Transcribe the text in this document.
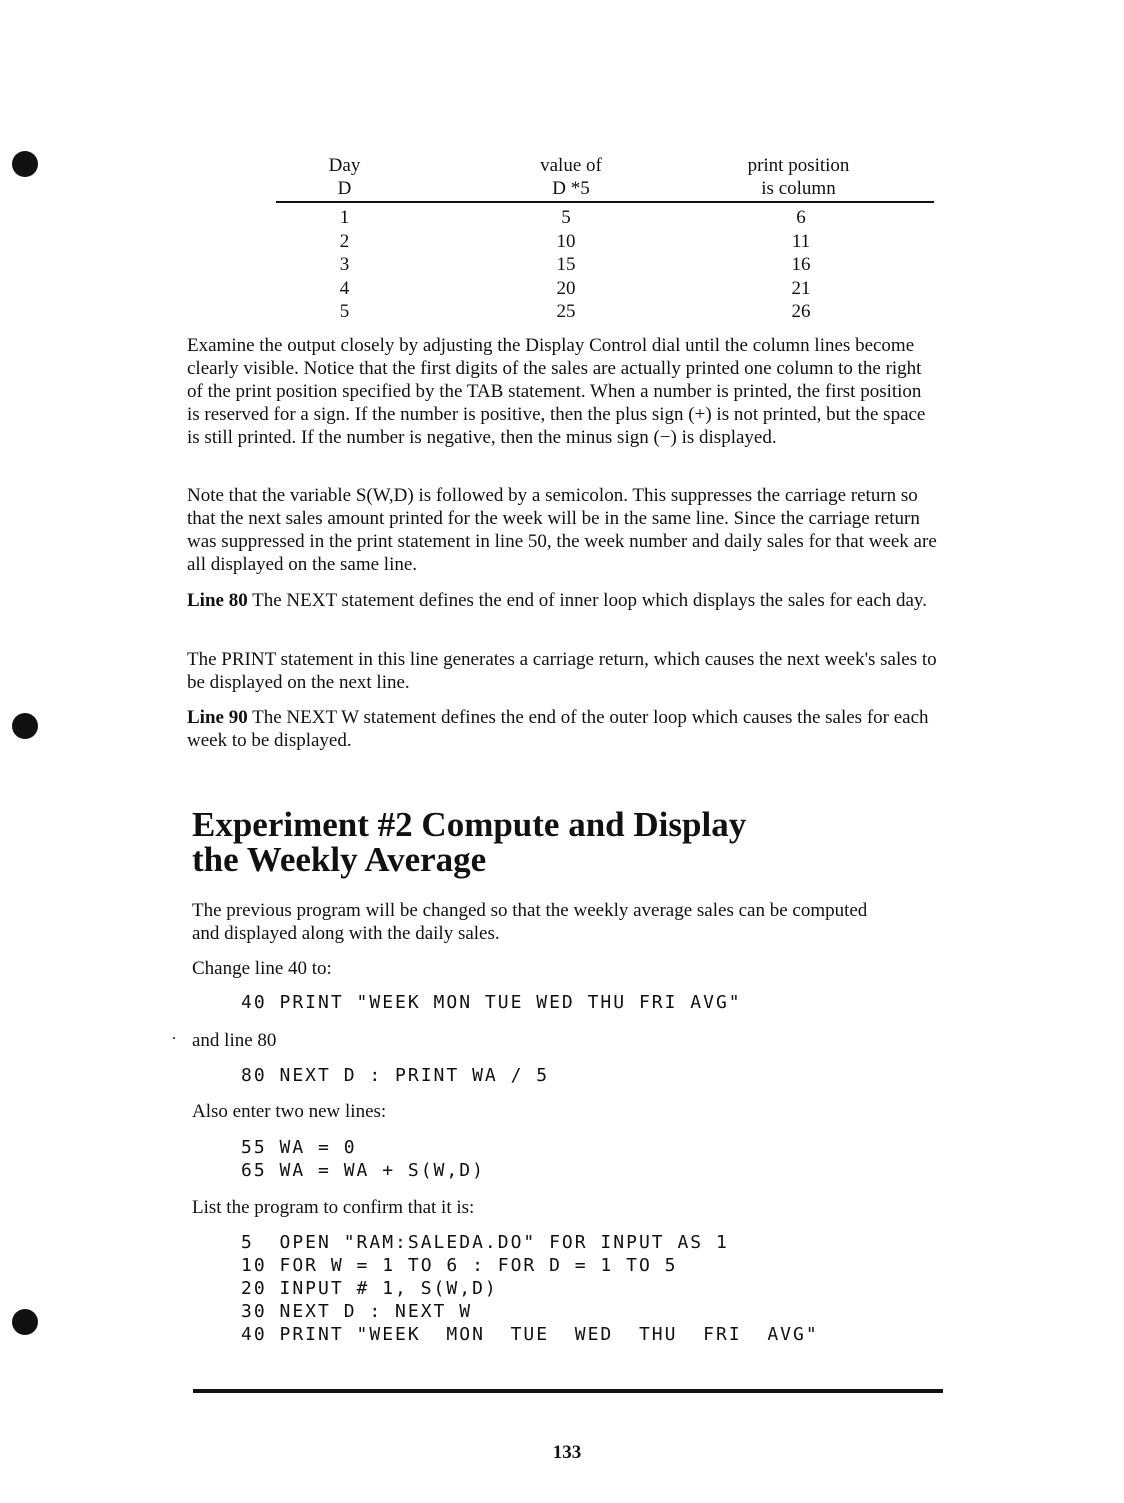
Day	value of	print position
D	D *5	is column
1	5	6
2	10	11
3	15	16
4	20	21
5	25	26

Examine the output closely by adjusting the Display Control dial until the column lines become clearly visible. Notice that the first digits of the sales are actually printed one column to the right of the print position specified by the TAB statement. When a number is printed, the first position is reserved for a sign. If the number is positive, then the plus sign (+) is not printed, but the space is still printed. If the number is negative, then the minus sign (−) is displayed.

Note that the variable S(W,D) is followed by a semicolon. This suppresses the carriage return so that the next sales amount printed for the week will be in the same line. Since the carriage return was suppressed in the print statement in line 50, the week number and daily sales for that week are all displayed on the same line.

Line 80 The NEXT statement defines the end of inner loop which displays the sales for each day.

The PRINT statement in this line generates a carriage return, which causes the next week's sales to be displayed on the next line.

Line 90 The NEXT W statement defines the end of the outer loop which causes the sales for each week to be displayed.

Experiment #2 Compute and Display
the Weekly Average

The previous program will be changed so that the weekly average sales can be computed and displayed along with the daily sales.

Change line 40 to:

40 PRINT "WEEK MON TUE WED THU FRI AVG"

and line 80

80 NEXT D : PRINT WA / 5

Also enter two new lines:

55 WA = 0
65 WA = WA + S(W,D)

List the program to confirm that it is:

5  OPEN "RAM:SALEDA.DO" FOR INPUT AS 1
10 FOR W = 1 TO 6 : FOR D = 1 TO 5
20 INPUT # 1, S(W,D)
30 NEXT D : NEXT W
40 PRINT "WEEK  MON  TUE  WED  THU  FRI  AVG"
133
